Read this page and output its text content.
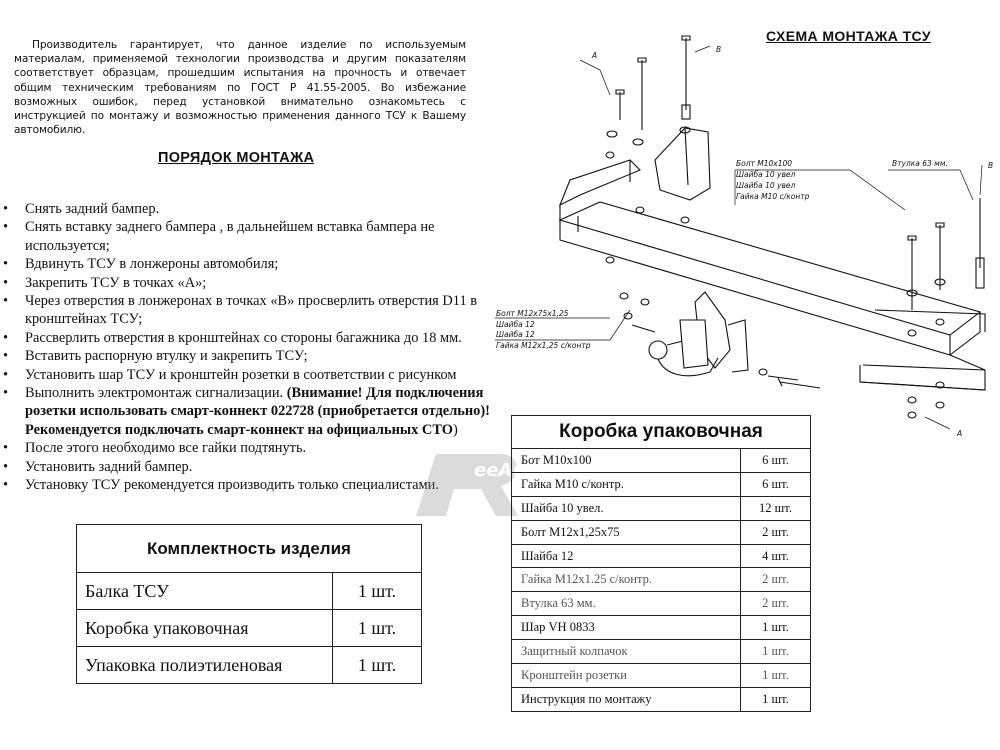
Производитель гарантирует, что данное изделие по используемым материалам, применяемой технологии производства и другим показателям соответствует образцам, прошедшим испытания на прочность и отвечает общим техническим требованиям по ГОСТ Р 41.55-2005. Во избежание возможных ошибок, перед установкой внимательно ознакомьтесь с инструкцией по монтажу и возможностью применения данного ТСУ к Вашему автомобилю.
ПОРЯДОК МОНТАЖА
• Снять задний бампер.
• Снять вставку заднего бампера , в дальнейшем вставка бампера не используется;
• Вдвинуть ТСУ в лонжероны автомобиля;
• Закрепить ТСУ в точках «А»;
• Через отверстия в лонжеронах в точках «В» просверлить отверстия D11 в кронштейнах ТСУ;
• Рассверлить отверстия в кронштейнах со стороны багажника до 18 мм.
• Вставить распорную втулку и закрепить ТСУ;
• Установить шар ТСУ и кронштейн розетки в соответствии с рисунком
• Выполнить электромонтаж сигнализации. (Внимание! Для подключения розетки использовать смарт-коннект 022728 (приобретается отдельно)! Рекомендуется подключать смарт-коннект на официальных СТО)
• После этого необходимо все гайки подтянуть.
• Установить задний бампер.
• Установку ТСУ рекомендуется производить только специалистами.
СХЕМА МОНТАЖА ТСУ
A
B
B
A
Болт М10х100
Шайба 10 увел
Шайба 10 увел
Гайка М10 с/контр
Втулка 63 мм.
Болт М12х75х1,25
Шайба 12
Шайба 12
Гайка М12х1,25 с/контр
eeAuto
Комплектность изделия	
Балка ТСУ	1 шт.
Коробка упаковочная	1 шт.
Упаковка полиэтиленовая	1 шт.
Коробка упаковочная	
Бот М10х100	6 шт.
Гайка М10 с/контр.	6 шт.
Шайба 10 увел.	12 шт.
Болт М12х1,25х75	2 шт.
Шайба 12	4 шт.
Гайка М12х1.25 с/контр.	2 шт.
Втулка 63 мм.	2 шт.
Шар VH 0833	1 шт.
Защитный колпачок	1 шт.
Кронштейн розетки	1 шт.
Инструкция по монтажу	1 шт.
